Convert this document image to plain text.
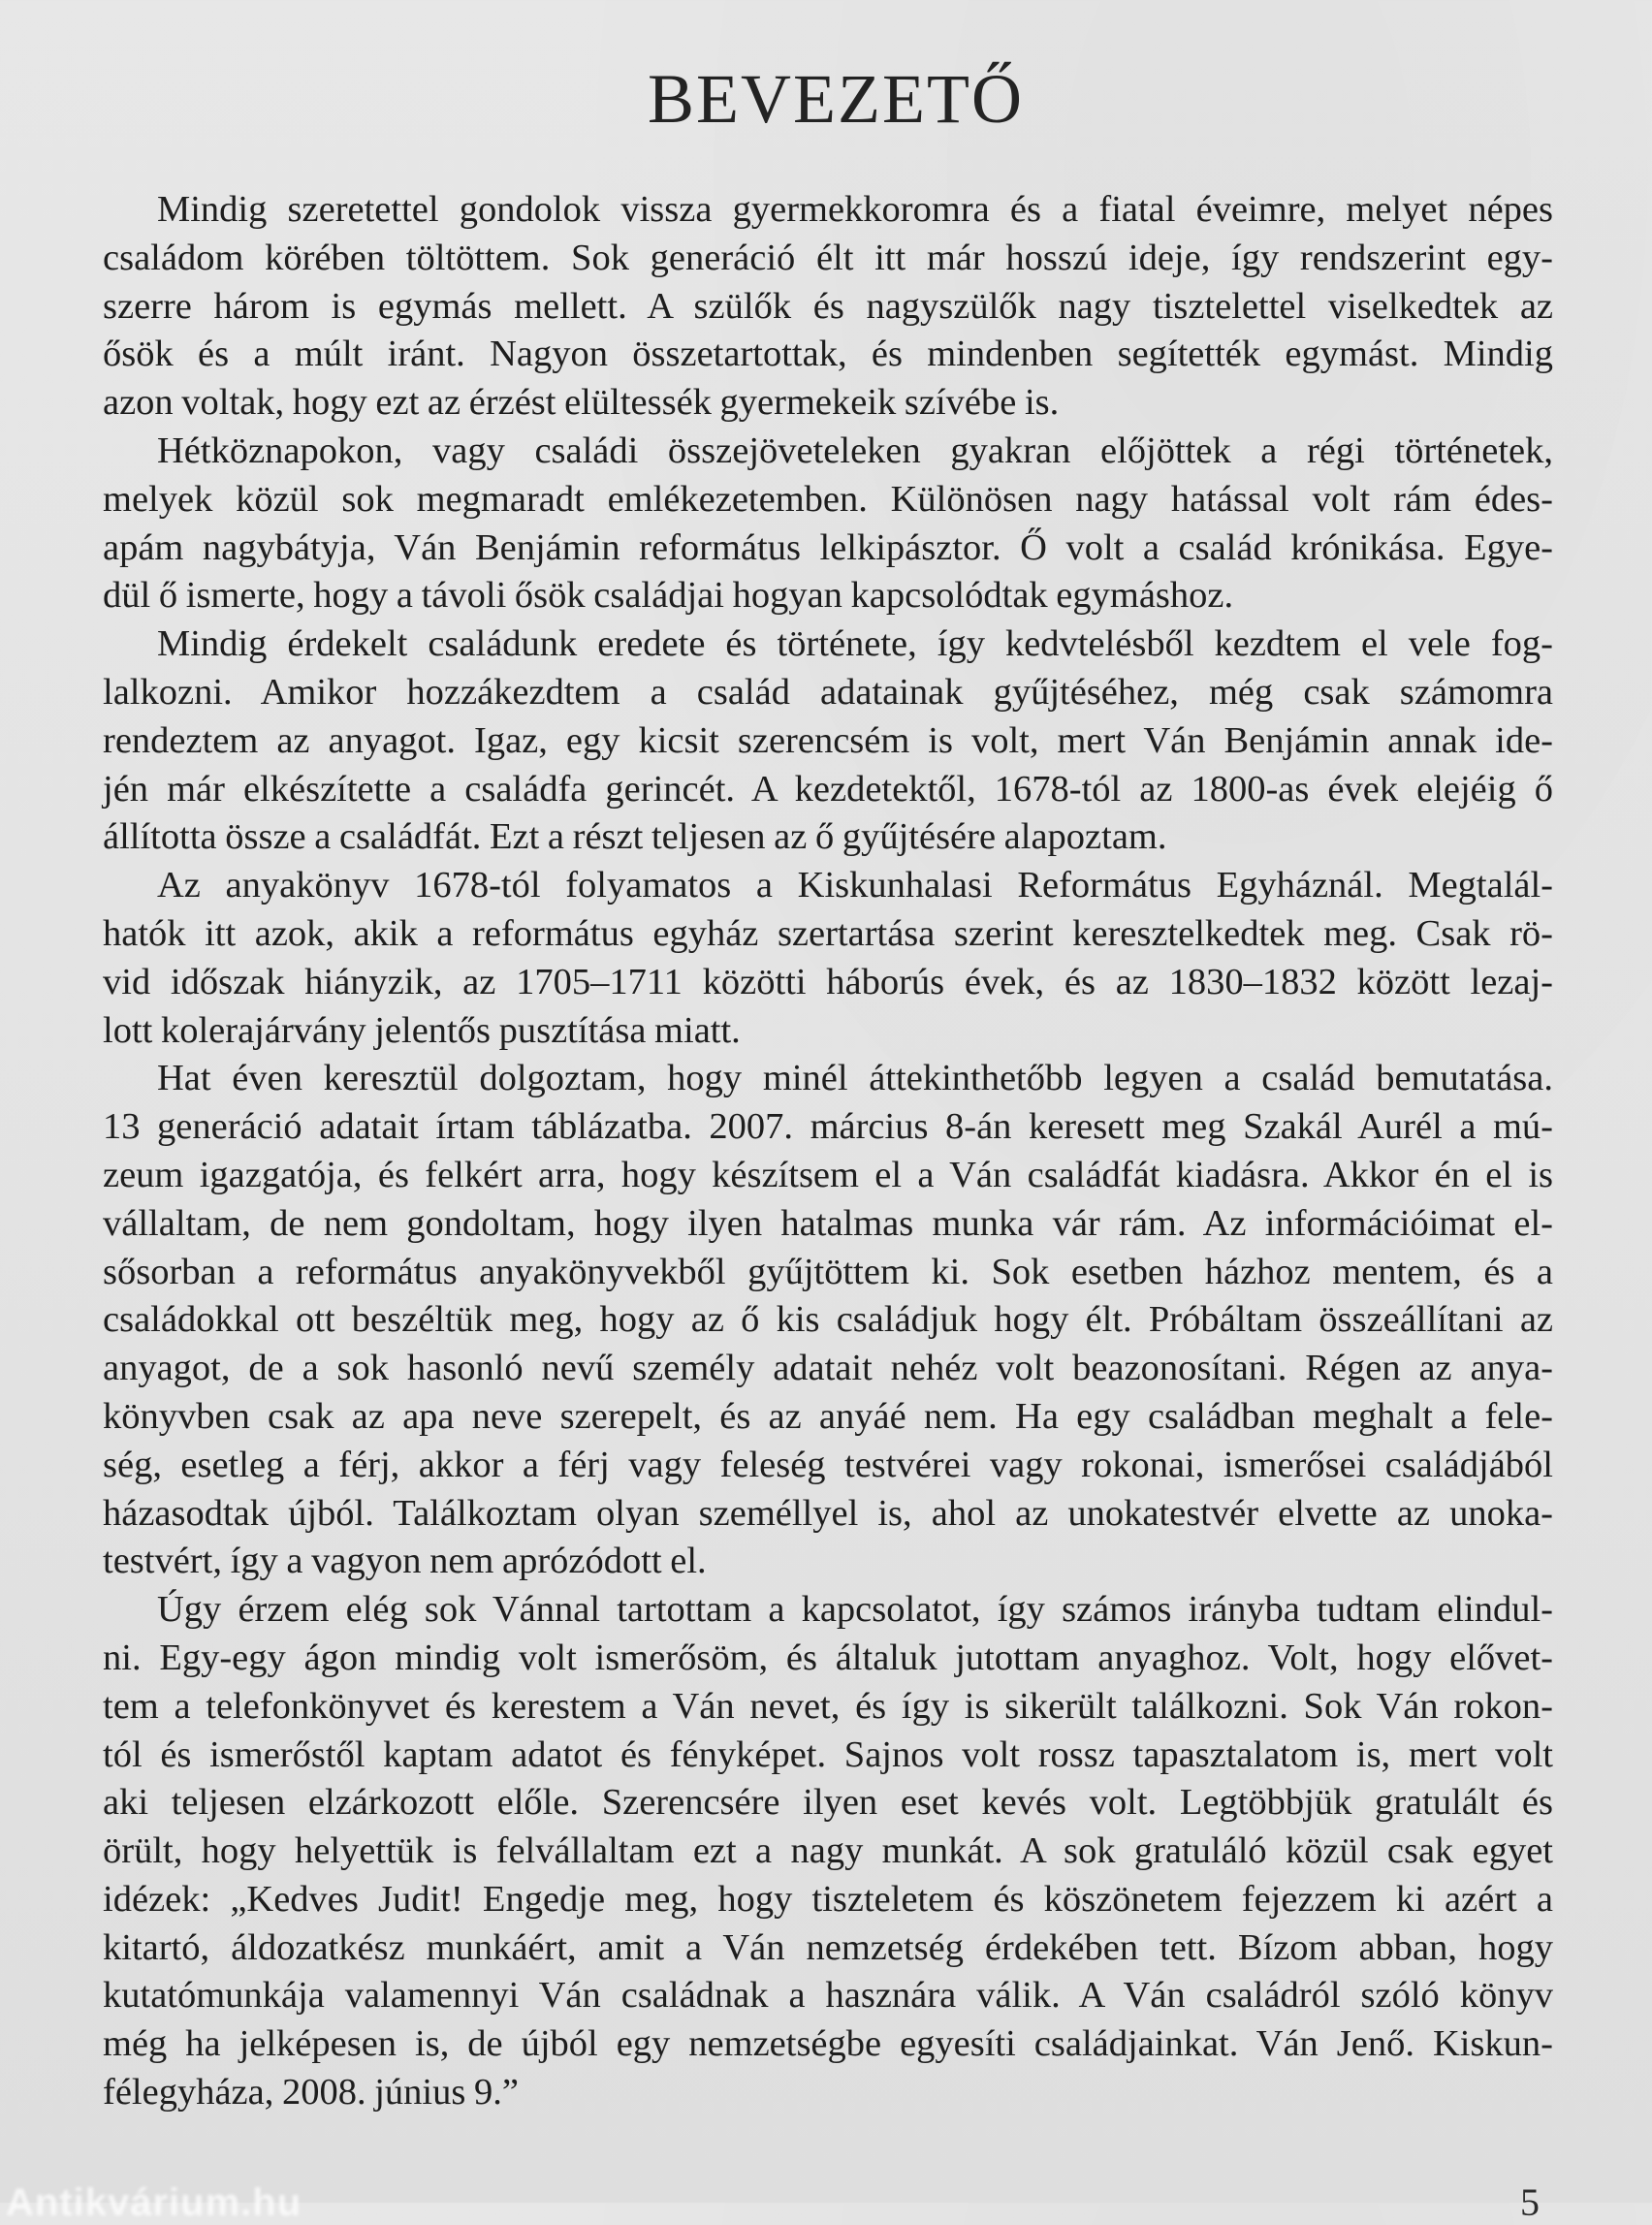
BEVEZETŐ
Mindig szeretettel gondolok vissza gyermekkoromra és a fiatal éveimre, melyet népes
családom körében töltöttem. Sok generáció élt itt már hosszú ideje, így rendszerint egy-
szerre három is egymás mellett. A szülők és nagyszülők nagy tisztelettel viselkedtek az
ősök és a múlt iránt. Nagyon összetartottak, és mindenben segítették egymást. Mindig
azon voltak, hogy ezt az érzést elültessék gyermekeik szívébe is.
Hétköznapokon, vagy családi összejöveteleken gyakran előjöttek a régi történetek,
melyek közül sok megmaradt emlékezetemben. Különösen nagy hatással volt rám édes-
apám nagybátyja, Ván Benjámin református lelkipásztor. Ő volt a család krónikása. Egye-
dül ő ismerte, hogy a távoli ősök családjai hogyan kapcsolódtak egymáshoz.
Mindig érdekelt családunk eredete és története, így kedvtelésből kezdtem el vele fog-
lalkozni. Amikor hozzákezdtem a család adatainak gyűjtéséhez, még csak számomra
rendeztem az anyagot. Igaz, egy kicsit szerencsém is volt, mert Ván Benjámin annak ide-
jén már elkészítette a családfa gerincét. A kezdetektől, 1678-tól az 1800-as évek elejéig ő
állította össze a családfát. Ezt a részt teljesen az ő gyűjtésére alapoztam.
Az anyakönyv 1678-tól folyamatos a Kiskunhalasi Református Egyháznál. Megtalál-
hatók itt azok, akik a református egyház szertartása szerint keresztelkedtek meg. Csak rö-
vid időszak hiányzik, az 1705–1711 közötti háborús évek, és az 1830–1832 között lezaj-
lott kolerajárvány jelentős pusztítása miatt.
Hat éven keresztül dolgoztam, hogy minél áttekinthetőbb legyen a család bemutatása.
13 generáció adatait írtam táblázatba. 2007. március 8-án keresett meg Szakál Aurél a mú-
zeum igazgatója, és felkért arra, hogy készítsem el a Ván családfát kiadásra. Akkor én el is
vállaltam, de nem gondoltam, hogy ilyen hatalmas munka vár rám. Az információimat el-
sősorban a református anyakönyvekből gyűjtöttem ki. Sok esetben házhoz mentem, és a
családokkal ott beszéltük meg, hogy az ő kis családjuk hogy élt. Próbáltam összeállítani az
anyagot, de a sok hasonló nevű személy adatait nehéz volt beazonosítani. Régen az anya-
könyvben csak az apa neve szerepelt, és az anyáé nem. Ha egy családban meghalt a fele-
ség, esetleg a férj, akkor a férj vagy feleség testvérei vagy rokonai, ismerősei családjából
házasodtak újból. Találkoztam olyan személlyel is, ahol az unokatestvér elvette az unoka-
testvért, így a vagyon nem aprózódott el.
Úgy érzem elég sok Vánnal tartottam a kapcsolatot, így számos irányba tudtam elindul-
ni. Egy-egy ágon mindig volt ismerősöm, és általuk jutottam anyaghoz. Volt, hogy elővet-
tem a telefonkönyvet és kerestem a Ván nevet, és így is sikerült találkozni. Sok Ván rokon-
tól és ismerőstől kaptam adatot és fényképet. Sajnos volt rossz tapasztalatom is, mert volt
aki teljesen elzárkozott előle. Szerencsére ilyen eset kevés volt. Legtöbbjük gratulált és
örült, hogy helyettük is felvállaltam ezt a nagy munkát. A sok gratuláló közül csak egyet
idézek: „Kedves Judit! Engedje meg, hogy tiszteletem és köszönetem fejezzem ki azért a
kitartó, áldozatkész munkáért, amit a Ván nemzetség érdekében tett. Bízom abban, hogy
kutatómunkája valamennyi Ván családnak a hasznára válik. A Ván családról szóló könyv
még ha jelképesen is, de újból egy nemzetségbe egyesíti családjainkat. Ván Jenő. Kiskun-
félegyháza, 2008. június 9.”
Antikvárium.hu	5
